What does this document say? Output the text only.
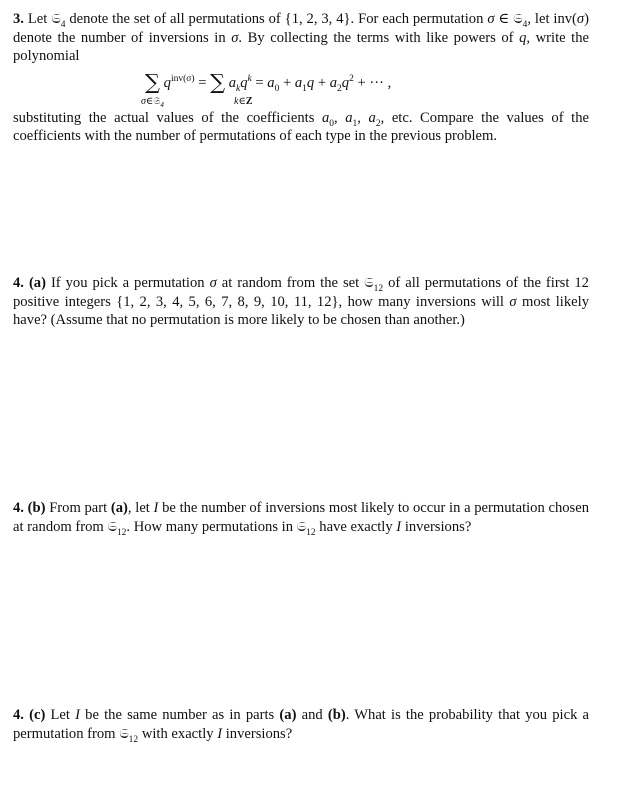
3. Let 𝔖$_4$ denote the set of all permutations of {1, 2, 3, 4}. For each permutation σ ∈ 𝔖$_4$, let inv(σ) denote the number of inversions in σ. By collecting the terms with like powers of q, write the polynomial

∑ $q^{inv(\sigma)}$ = ∑ $a_kq^k = a_0 + a_1q + a_2q^2$ + ··· ,
σ∈𝔖$_4$	k∈Z

substituting the actual values of the coefficients $a_0$, $a_1$, $a_2$, etc. Compare the values of the coefficients with the number of permutations of each type in the previous problem.

4. (a) If you pick a permutation σ at random from the set 𝔖$_{12}$ of all permutations of the first 12 positive integers {1, 2, 3, 4, 5, 6, 7, 8, 9, 10, 11, 12}, how many inversions will σ most likely have? (Assume that no permutation is more likely to be chosen than another.)

4. (b) From part (a), let I be the number of inversions most likely to occur in a permutation chosen at random from 𝔖$_{12}$. How many permutations in 𝔖$_{12}$ have exactly I inversions?

4. (c) Let I be the same number as in parts (a) and (b). What is the probability that you pick a permutation from 𝔖$_{12}$ with exactly I inversions?
